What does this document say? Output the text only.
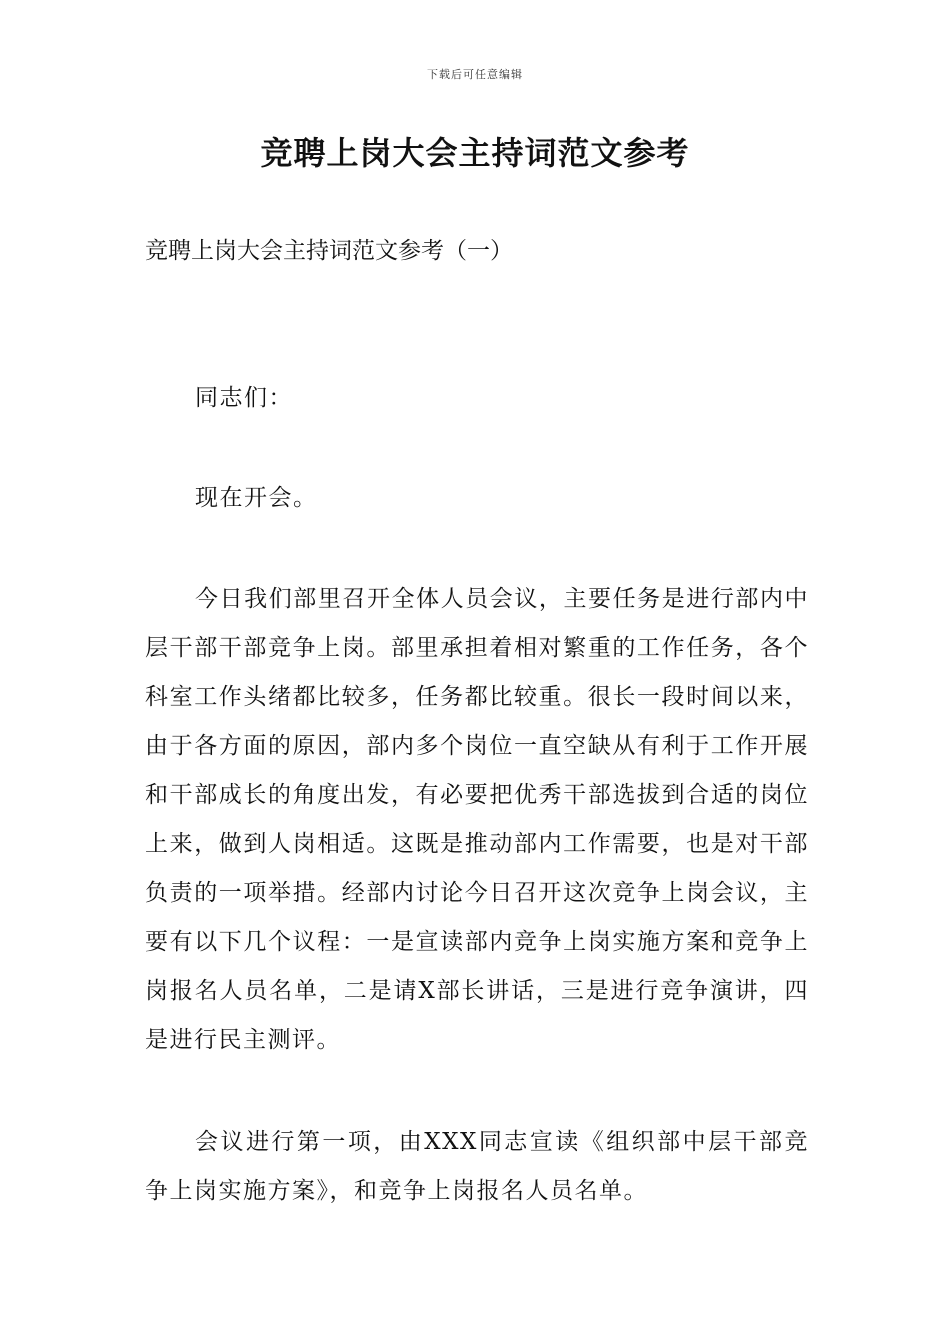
下载后可任意编辑
竞聘上岗大会主持词范文参考

竞聘上岗大会主持词范文参考（一）

同志们：

现在开会。

今日我们部里召开全体人员会议，主要任务是进行部内中层干部干部竞争上岗。部里承担着相对繁重的工作任务，各个科室工作头绪都比较多，任务都比较重。很长一段时间以来，由于各方面的原因，部内多个岗位一直空缺从有利于工作开展和干部成长的角度出发，有必要把优秀干部选拔到合适的岗位上来，做到人岗相适。这既是推动部内工作需要，也是对干部负责的一项举措。经部内讨论今日召开这次竞争上岗会议，主要有以下几个议程：一是宣读部内竞争上岗实施方案和竞争上岗报名人员名单，二是请X部长讲话，三是进行竞争演讲，四是进行民主测评。

会议进行第一项，由XXX同志宣读《组织部中层干部竞争上岗实施方案》，和竞争上岗报名人员名单。
